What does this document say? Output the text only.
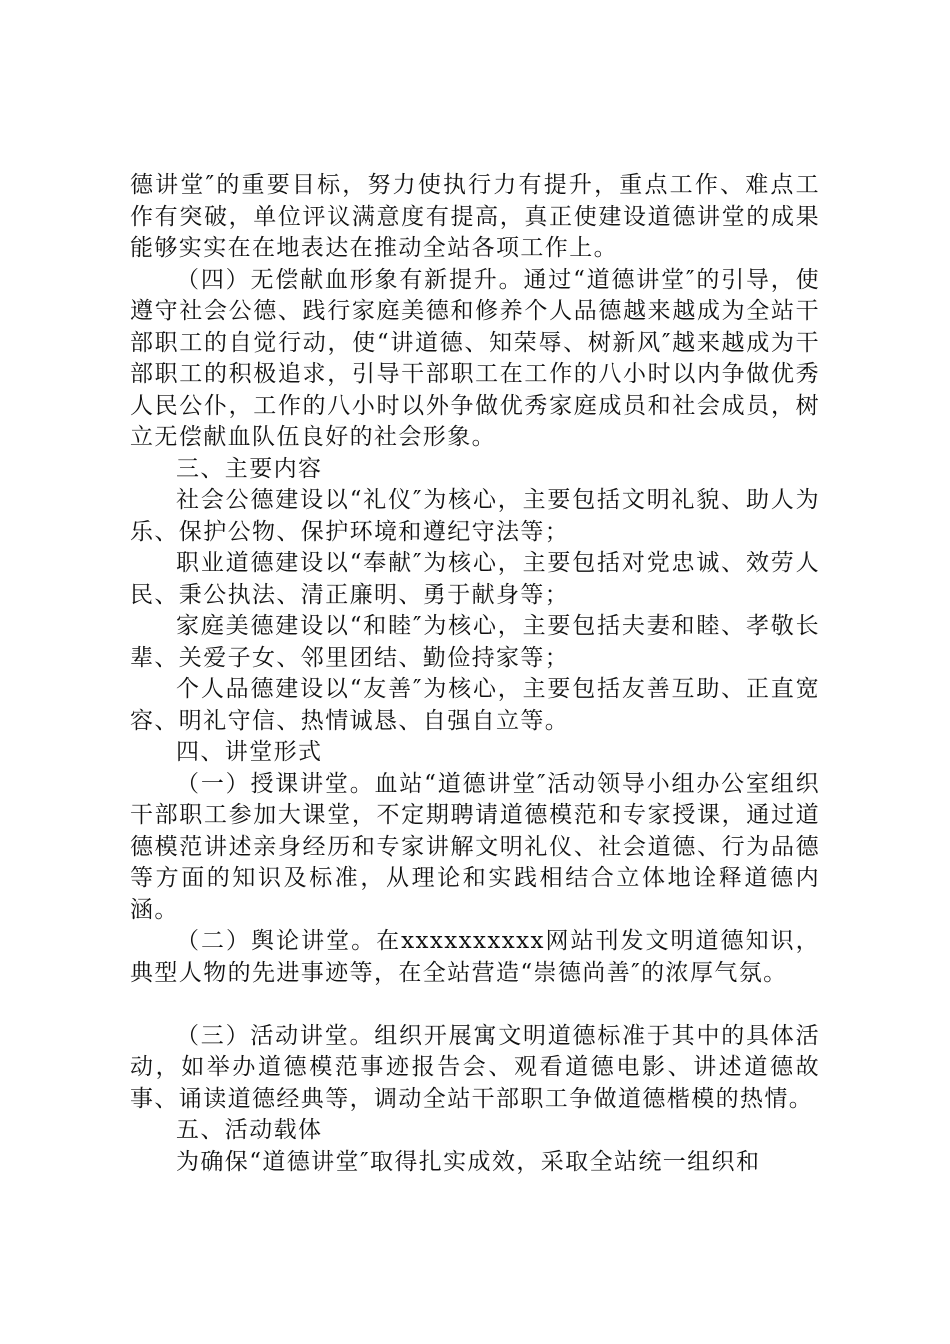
德讲堂″的重要目标，努力使执行力有提升，重点工作、难点工作有突破，单位评议满意度有提高，真正使建设道德讲堂的成果能够实实在在地表达在推动全站各项工作上。

（四）无偿献血形象有新提升。通过“道德讲堂″的引导，使遵守社会公德、践行家庭美德和修养个人品德越来越成为全站干部职工的自觉行动，使“讲道德、知荣辱、树新风″越来越成为干部职工的积极追求，引导干部职工在工作的八小时以内争做优秀人民公仆，工作的八小时以外争做优秀家庭成员和社会成员，树立无偿献血队伍良好的社会形象。

三、主要内容

社会公德建设以“礼仪″为核心，主要包括文明礼貌、助人为乐、保护公物、保护环境和遵纪守法等；

职业道德建设以“奉献″为核心，主要包括对党忠诚、效劳人民、秉公执法、清正廉明、勇于献身等；

家庭美德建设以“和睦″为核心，主要包括夫妻和睦、孝敬长辈、关爱子女、邻里团结、勤俭持家等；

个人品德建设以“友善″为核心，主要包括友善互助、正直宽容、明礼守信、热情诚恳、自强自立等。

四、讲堂形式

（一）授课讲堂。血站“道德讲堂″活动领导小组办公室组织干部职工参加大课堂，不定期聘请道德模范和专家授课，通过道德模范讲述亲身经历和专家讲解文明礼仪、社会道德、行为品德等方面的知识及标准，从理论和实践相结合立体地诠释道德内涵。

（二）舆论讲堂。在xxxxxxxxxx网站刊发文明道德知识，典型人物的先进事迹等，在全站营造“崇德尚善″的浓厚气氛。

（三）活动讲堂。组织开展寓文明道德标准于其中的具体活动，如举办道德模范事迹报告会、观看道德电影、讲述道德故事、诵读道德经典等，调动全站干部职工争做道德楷模的热情。

五、活动载体

为确保“道德讲堂″取得扎实成效，采取全站统一组织和
